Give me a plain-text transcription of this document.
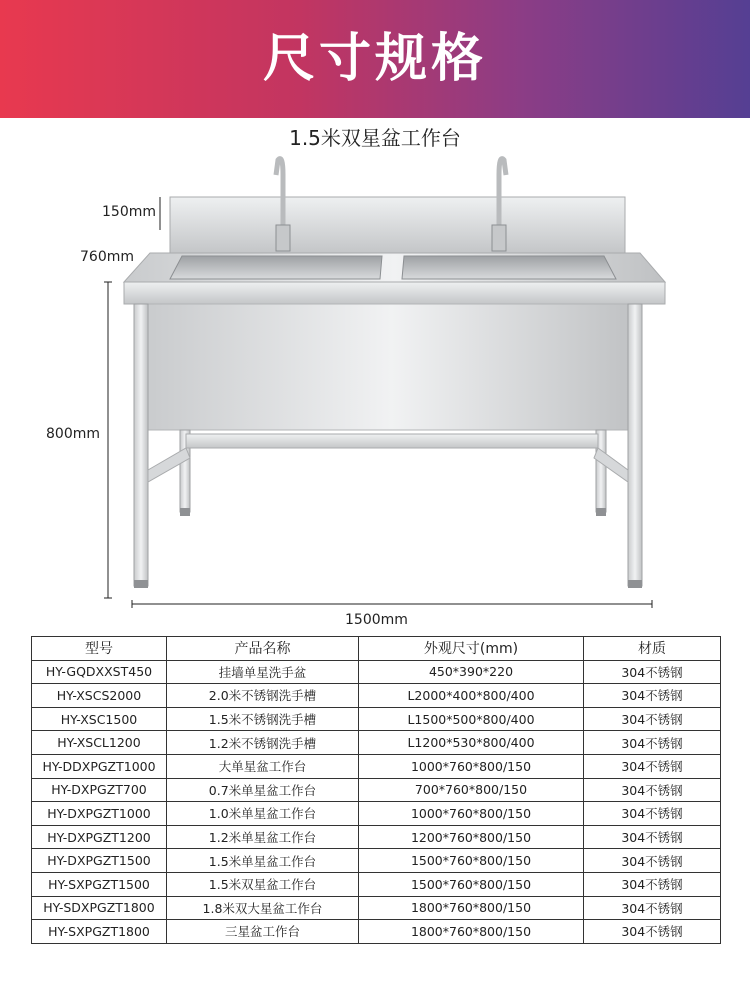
尺寸规格
1.5米双星盆工作台
150mm
760mm
800mm
1500mm
型号	产品名称	外观尺寸(mm)	材质
HY-GQDXXST450	挂墙单星洗手盆	450*390*220	304不锈钢
HY-XSCS2000	2.0米不锈钢洗手槽	L2000*400*800/400	304不锈钢
HY-XSC1500	1.5米不锈钢洗手槽	L1500*500*800/400	304不锈钢
HY-XSCL1200	1.2米不锈钢洗手槽	L1200*530*800/400	304不锈钢
HY-DDXPGZT1000	大单星盆工作台	1000*760*800/150	304不锈钢
HY-DXPGZT700	0.7米单星盆工作台	700*760*800/150	304不锈钢
HY-DXPGZT1000	1.0米单星盆工作台	1000*760*800/150	304不锈钢
HY-DXPGZT1200	1.2米单星盆工作台	1200*760*800/150	304不锈钢
HY-DXPGZT1500	1.5米单星盆工作台	1500*760*800/150	304不锈钢
HY-SXPGZT1500	1.5米双星盆工作台	1500*760*800/150	304不锈钢
HY-SDXPGZT1800	1.8米双大星盆工作台	1800*760*800/150	304不锈钢
HY-SXPGZT1800	三星盆工作台	1800*760*800/150	304不锈钢
